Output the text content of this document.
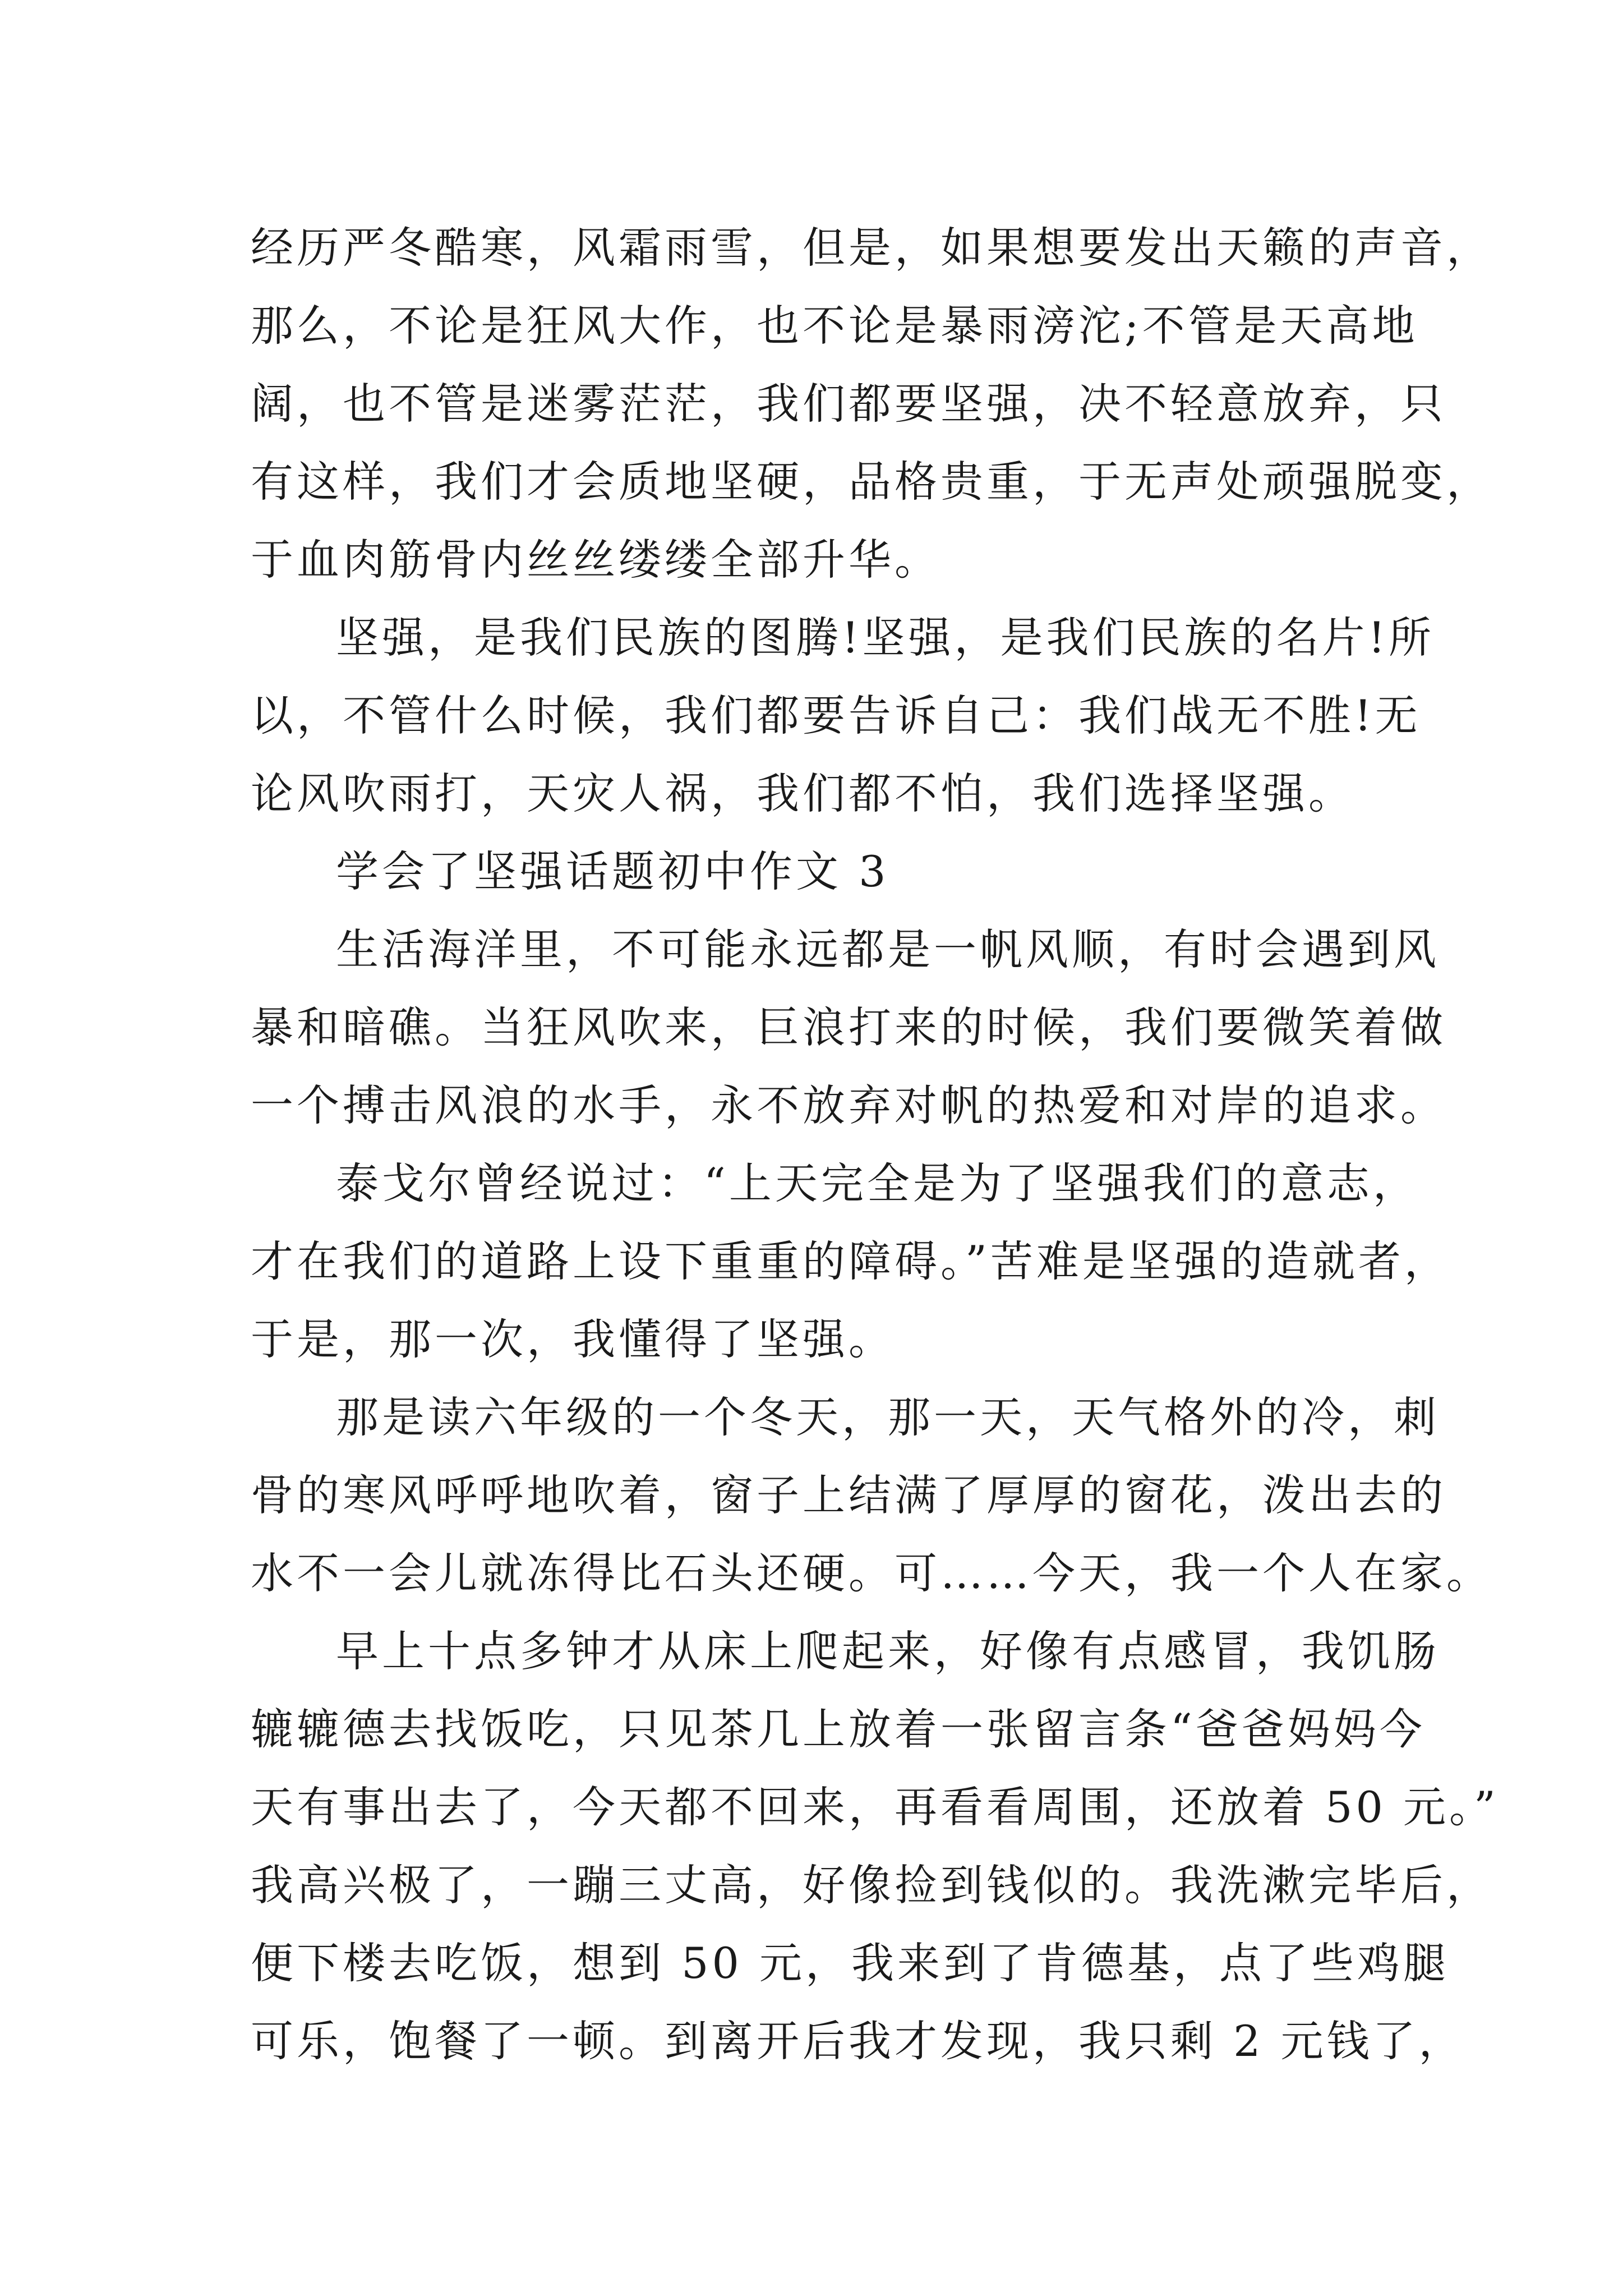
经历严冬酷寒，风霜雨雪，但是，如果想要发出天籁的声音，
那么，不论是狂风大作，也不论是暴雨滂沱;不管是天高地
阔，也不管是迷雾茫茫，我们都要坚强，决不轻意放弃，只
有这样，我们才会质地坚硬，品格贵重，于无声处顽强脱变，
于血肉筋骨内丝丝缕缕全部升华。
坚强，是我们民族的图腾!坚强，是我们民族的名片!所
以，不管什么时候，我们都要告诉自己：我们战无不胜!无
论风吹雨打，天灾人祸，我们都不怕，我们选择坚强。
学会了坚强话题初中作文 3
生活海洋里，不可能永远都是一帆风顺，有时会遇到风
暴和暗礁。当狂风吹来，巨浪打来的时候，我们要微笑着做
一个搏击风浪的水手，永不放弃对帆的热爱和对岸的追求。
泰戈尔曾经说过：“上天完全是为了坚强我们的意志，
才在我们的道路上设下重重的障碍。”苦难是坚强的造就者，
于是，那一次，我懂得了坚强。
那是读六年级的一个冬天，那一天，天气格外的冷，刺
骨的寒风呼呼地吹着，窗子上结满了厚厚的窗花，泼出去的
水不一会儿就冻得比石头还硬。可……今天，我一个人在家。
早上十点多钟才从床上爬起来，好像有点感冒，我饥肠
辘辘德去找饭吃，只见茶几上放着一张留言条“爸爸妈妈今
天有事出去了，今天都不回来，再看看周围，还放着 50 元。”
我高兴极了，一蹦三丈高，好像捡到钱似的。我洗漱完毕后，
便下楼去吃饭，想到 50 元，我来到了肯德基，点了些鸡腿
可乐，饱餐了一顿。到离开后我才发现，我只剩 2 元钱了，
